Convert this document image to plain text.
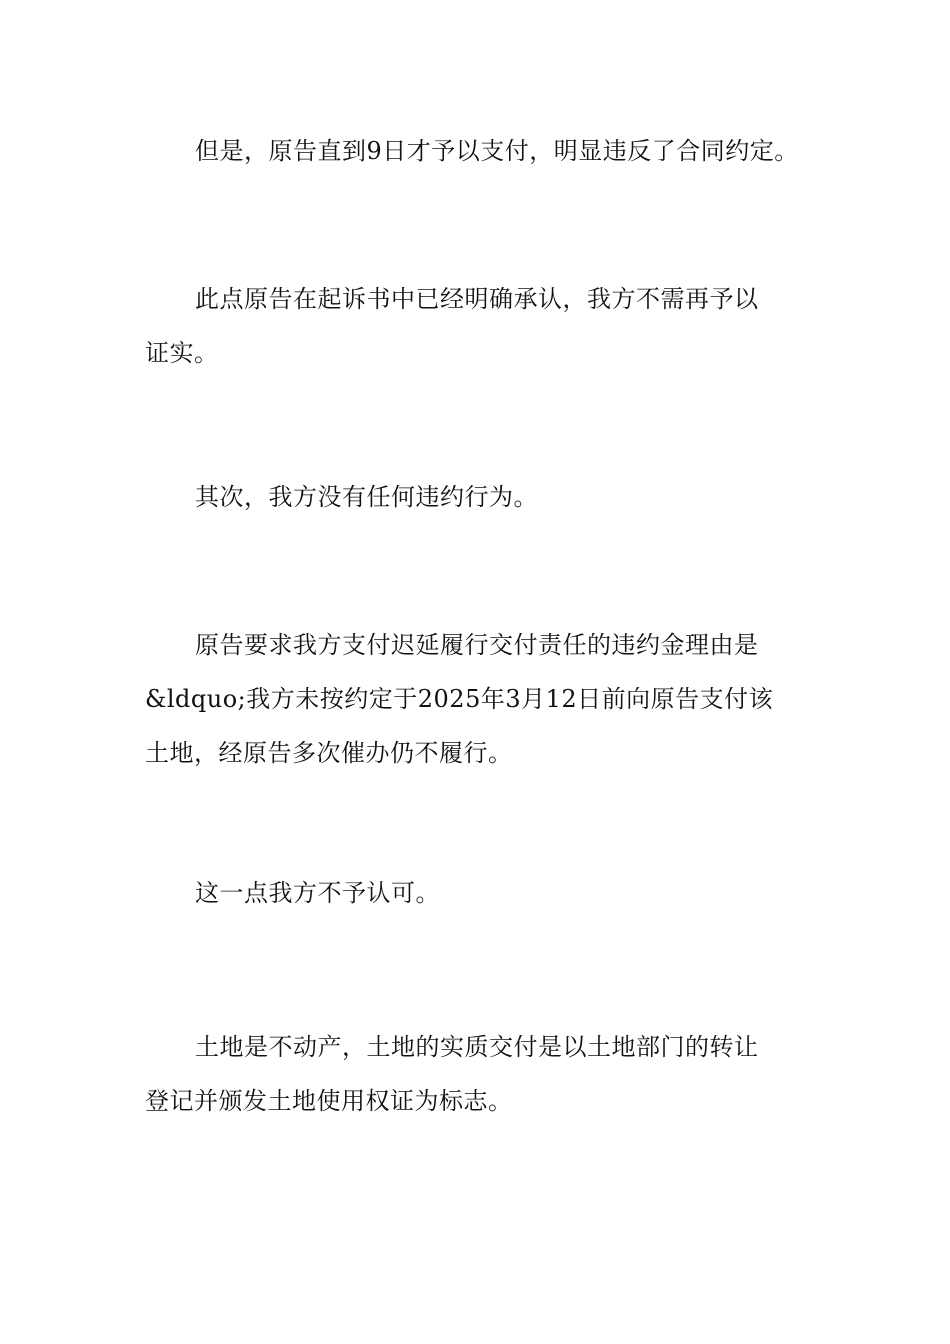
但是，原告直到9日才予以支付，明显违反了合同约定。

此点原告在起诉书中已经明确承认，我方不需再予以
证实。

其次，我方没有任何违约行为。

原告要求我方支付迟延履行交付责任的违约金理由是
&ldquo;我方未按约定于2025年3月12日前向原告支付该
土地，经原告多次催办仍不履行。

这一点我方不予认可。

土地是不动产，土地的实质交付是以土地部门的转让
登记并颁发土地使用权证为标志。
